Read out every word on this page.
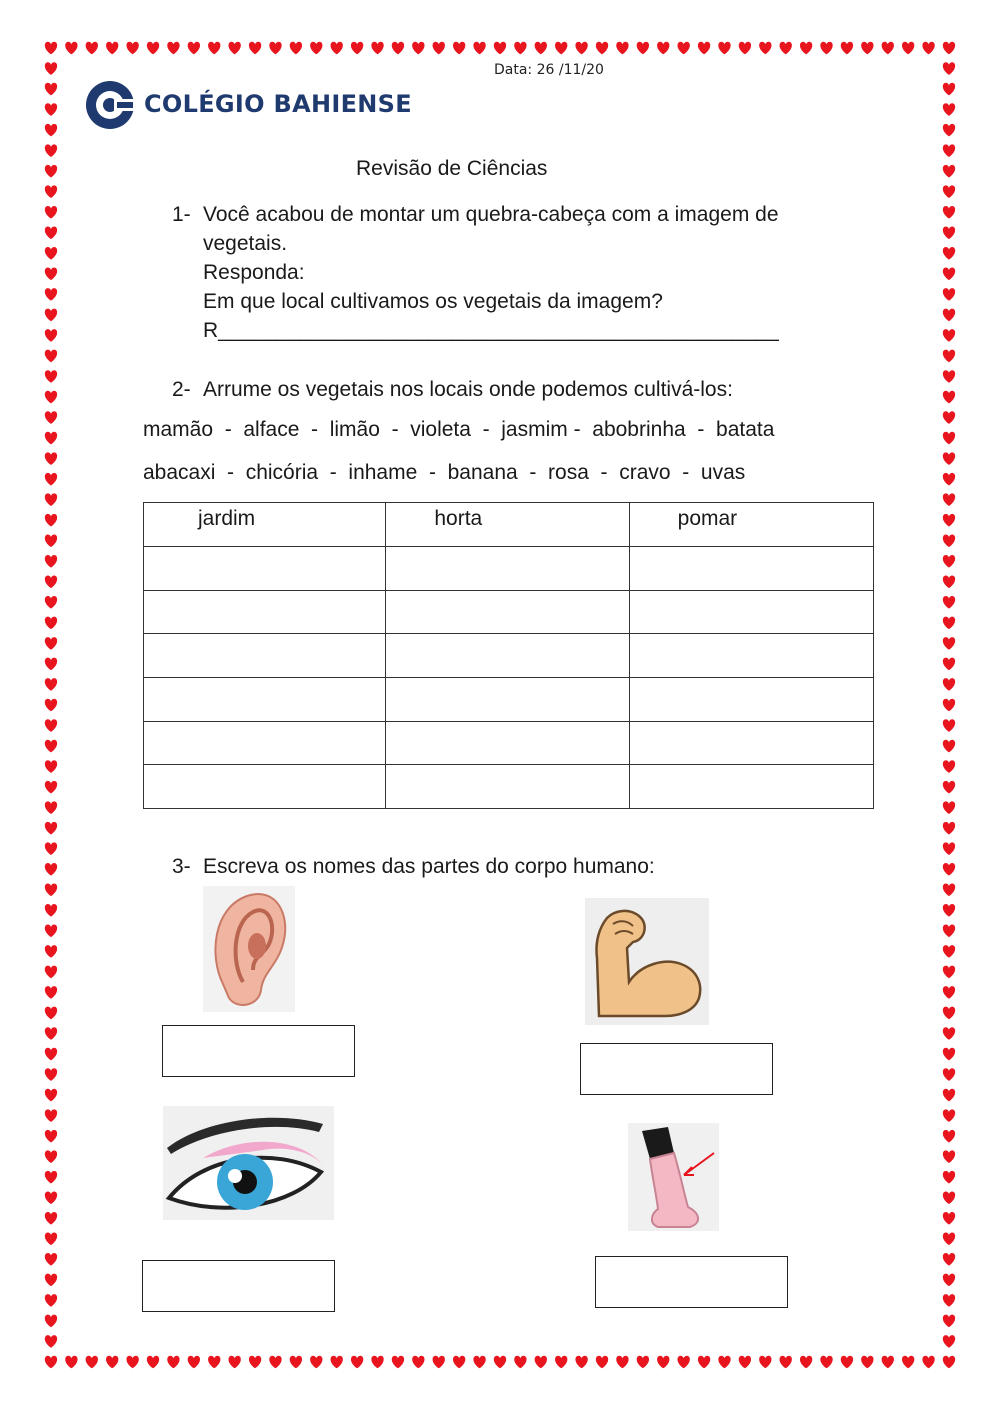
Data: 26 /11/20
COLÉGIO BAHIENSE
Revisão de Ciências
1- Você acabou de montar um quebra-cabeça com a imagem de
vegetais.
Responda:
Em que local cultivamos os vegetais da imagem?
R________________________________________________
2- Arrume os vegetais nos locais onde podemos cultivá-los:
mamão  -  alface  -  limão  -  violeta  -  jasmim -  abobrinha  -  batata
abacaxi  -  chicória  -  inhame  -  banana  -  rosa  -  cravo  -  uvas
jardim	horta	pomar

3- Escreva os nomes das partes do corpo humano:
